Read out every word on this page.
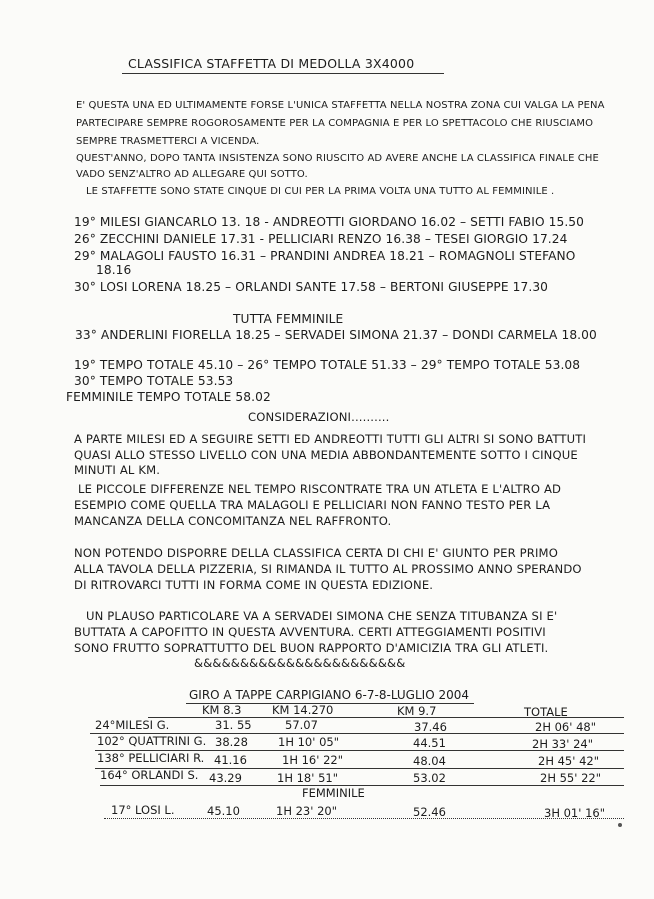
CLASSIFICA STAFFETTA DI MEDOLLA 3X4000
E' QUESTA UNA ED ULTIMAMENTE FORSE L'UNICA STAFFETTA NELLA NOSTRA ZONA CUI VALGA LA PENA
PARTECIPARE SEMPRE ROGOROSAMENTE PER LA COMPAGNIA E PER LO SPETTACOLO CHE RIUSCIAMO
SEMPRE TRASMETTERCI A VICENDA.
QUEST'ANNO, DOPO TANTA INSISTENZA SONO RIUSCITO AD AVERE ANCHE LA CLASSIFICA FINALE CHE
VADO SENZ'ALTRO AD ALLEGARE QUI SOTTO.
LE STAFFETTE SONO STATE CINQUE DI CUI PER LA PRIMA VOLTA UNA TUTTO AL FEMMINILE .
19° MILESI GIANCARLO 13. 18 - ANDREOTTI GIORDANO 16.02 – SETTI FABIO 15.50
26° ZECCHINI DANIELE 17.31 - PELLICIARI RENZO 16.38 – TESEI GIORGIO 17.24
29° MALAGOLI FAUSTO 16.31 – PRANDINI ANDREA 18.21 – ROMAGNOLI STEFANO
18.16
30° LOSI LORENA 18.25 – ORLANDI SANTE 17.58 – BERTONI GIUSEPPE 17.30
TUTTA FEMMINILE
33° ANDERLINI FIORELLA 18.25 – SERVADEI SIMONA 21.37 – DONDI CARMELA 18.00
19° TEMPO TOTALE 45.10 – 26° TEMPO TOTALE 51.33 – 29° TEMPO TOTALE 53.08
30° TEMPO TOTALE 53.53
FEMMINILE TEMPO TOTALE 58.02
CONSIDERAZIONI..........
A PARTE MILESI ED A SEGUIRE SETTI ED ANDREOTTI TUTTI GLI ALTRI SI SONO BATTUTI
QUASI ALLO STESSO LIVELLO CON UNA MEDIA ABBONDANTEMENTE SOTTO I CINQUE
MINUTI AL KM.
LE PICCOLE DIFFERENZE NEL TEMPO RISCONTRATE TRA UN ATLETA E L'ALTRO AD
ESEMPIO COME QUELLA TRA MALAGOLI E PELLICIARI NON FANNO TESTO PER LA
MANCANZA DELLA CONCOMITANZA NEL RAFFRONTO.
NON POTENDO DISPORRE DELLA CLASSIFICA CERTA DI CHI E' GIUNTO PER PRIMO
ALLA TAVOLA DELLA PIZZERIA, SI RIMANDA IL TUTTO AL PROSSIMO ANNO SPERANDO
DI RITROVARCI TUTTI IN FORMA COME IN QUESTA EDIZIONE.
UN PLAUSO PARTICOLARE VA A SERVADEI SIMONA CHE SENZA TITUBANZA SI E'
BUTTATA A CAPOFITTO IN QUESTA AVVENTURA. CERTI ATTEGGIAMENTI POSITIVI
SONO FRUTTO SOPRATTUTTO DEL BUON RAPPORTO D'AMICIZIA TRA GLI ATLETI.
&&&&&&&&&&&&&&&&&&&&&&&
GIRO A TAPPE CARPIGIANO 6-7-8-LUGLIO 2004
KM 8.3	KM 14.270	KM 9.7	TOTALE
24°MILESI G.	31. 55	57.07	37.46	2H 06' 48"
102° QUATTRINI G. 38.28	1H 10' 05"	44.51	2H 33' 24"
138° PELLICIARI R. 41.16	1H 16' 22"	48.04	2H 45' 42"
164° ORLANDI S. 43.29	1H 18' 51"	53.02	2H 55' 22"
FEMMINILE
17° LOSI L.	45.10	1H 23' 20"	52.46	3H 01' 16"
